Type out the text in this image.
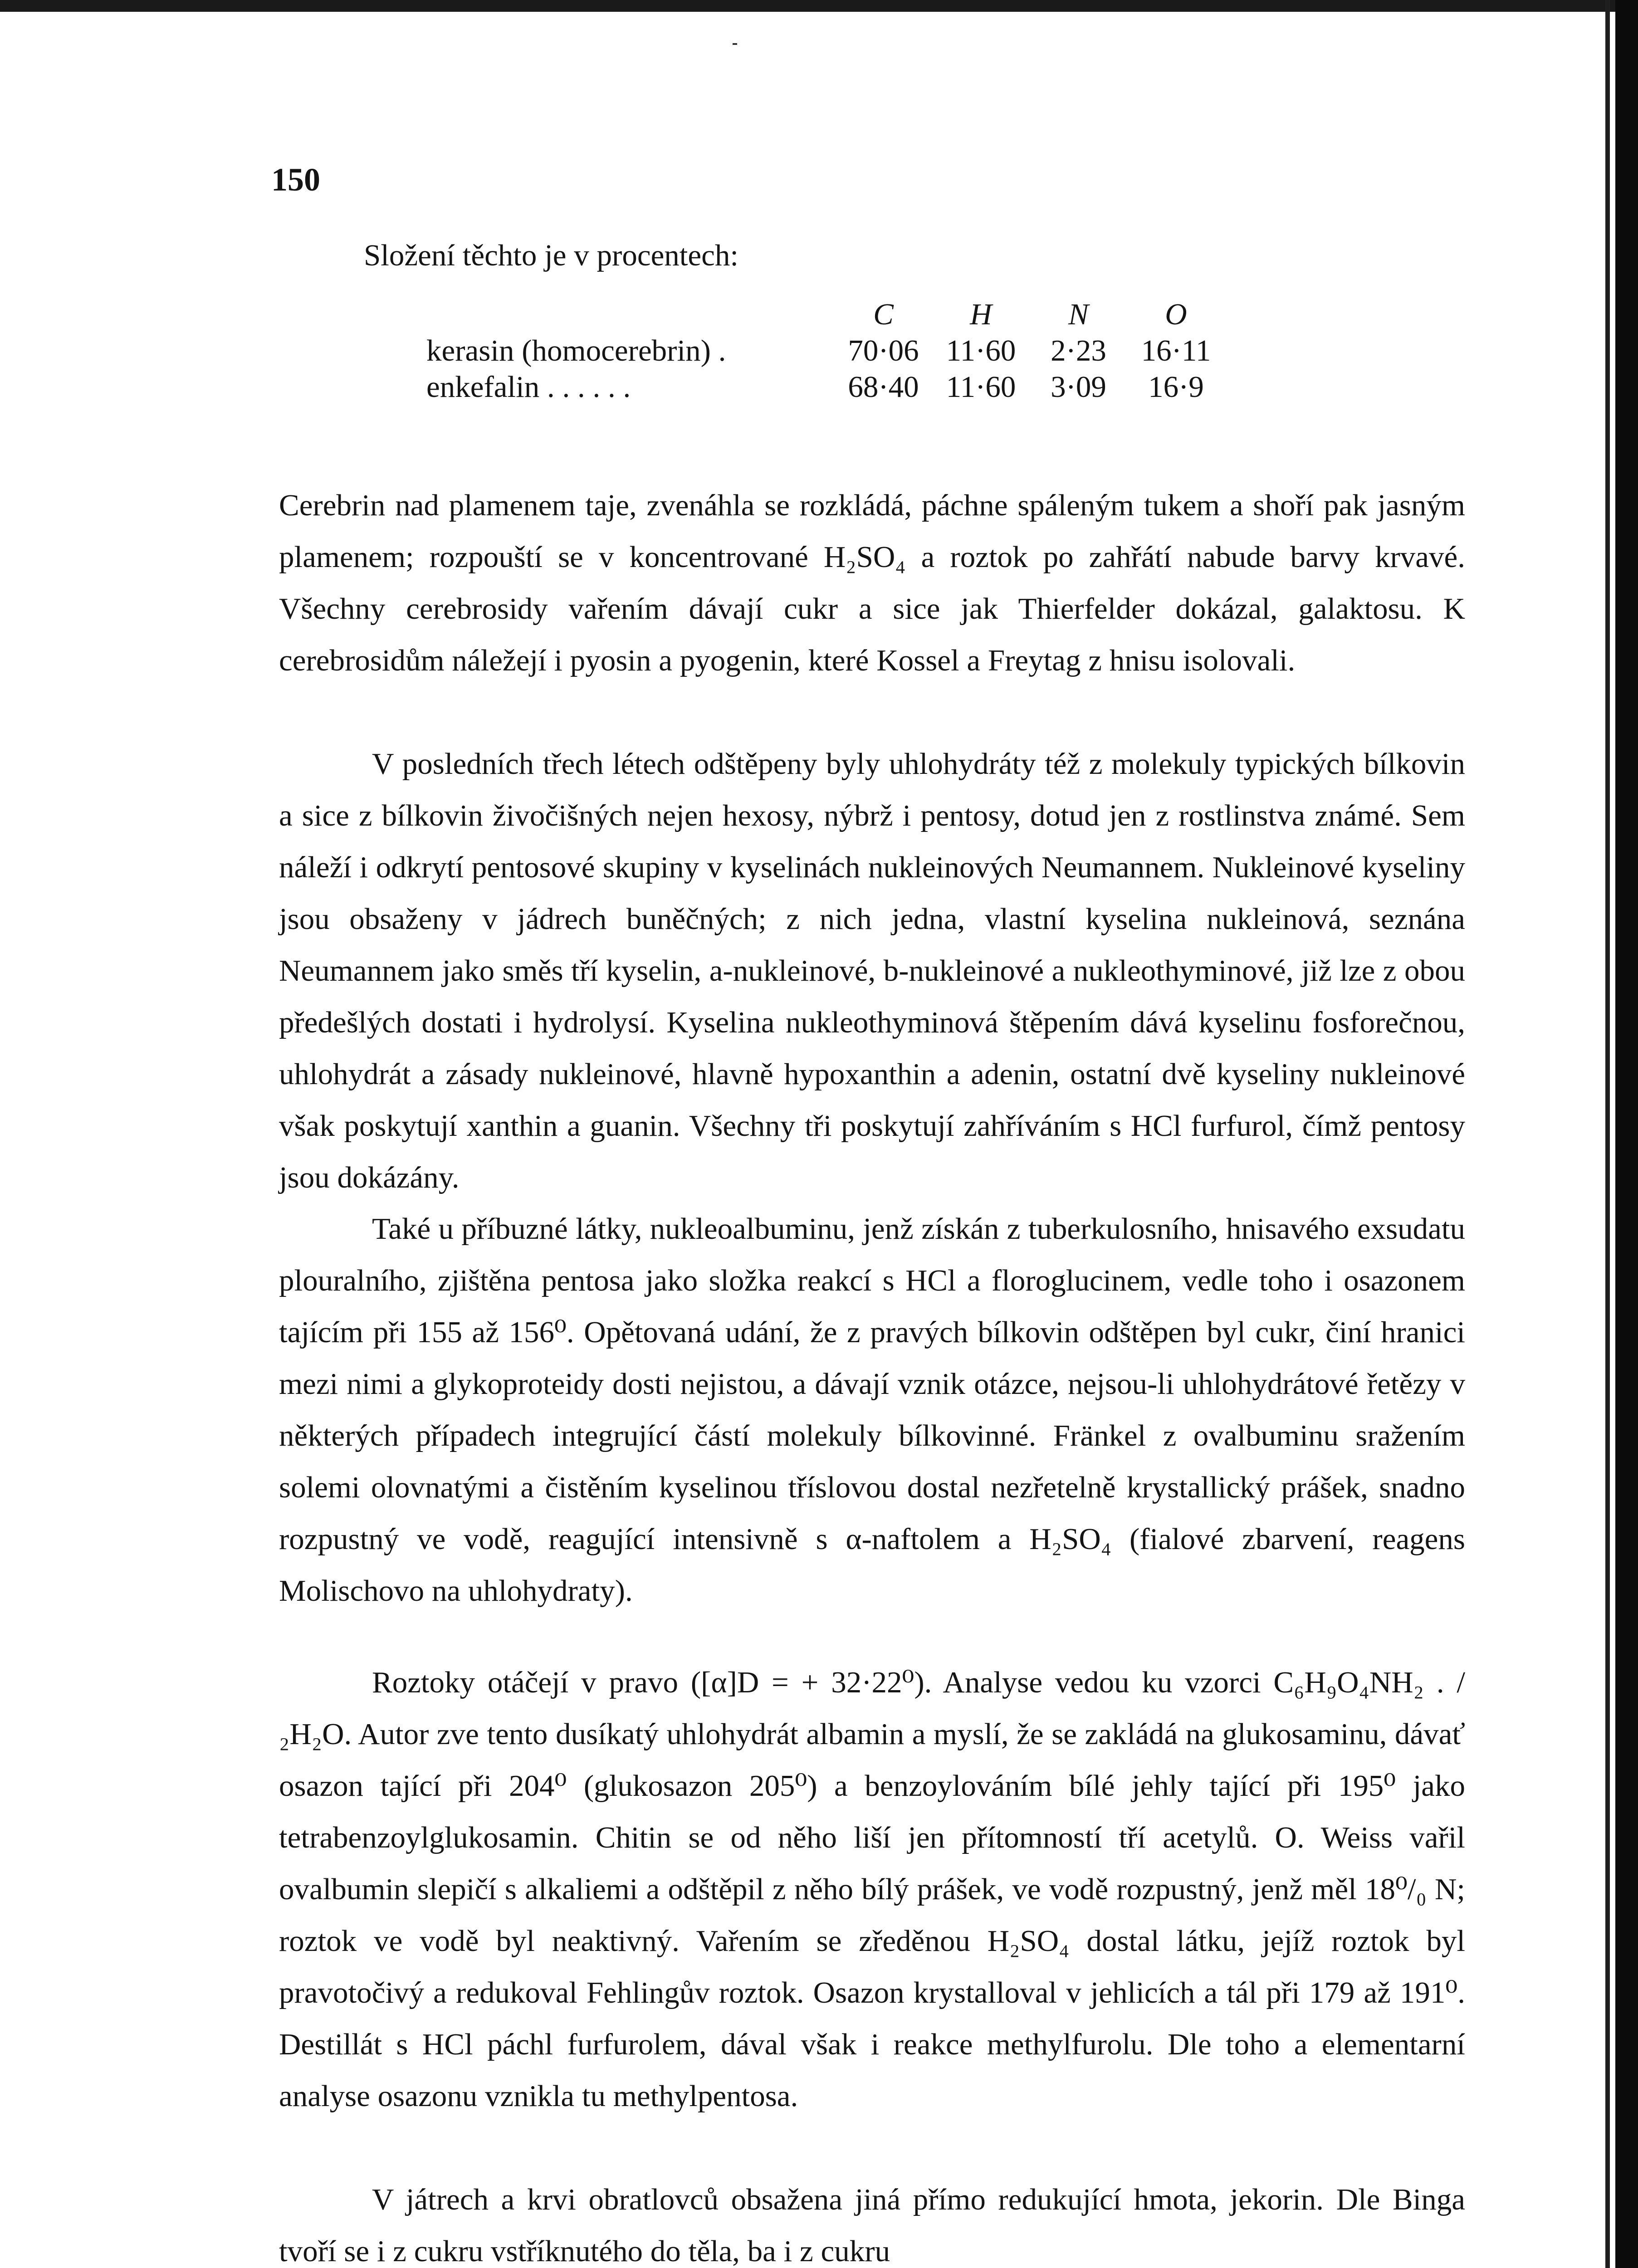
150
Složení těchto je v procentech:
	C	H	N	O
kerasin (homocerebrin) .	70·06	11·60	2·23	16·11
enkefalin . . . . . .	68·40	11·60	3·09	16·9

Cerebrin nad plamenem taje, zvenáhla se rozkládá, páchne spáleným tukem a shoří pak jasným plamenem; rozpouští se v koncentrované H₂SO₄ a roztok po zahřátí nabude barvy krvavé. Všechny cerebrosidy vařením dávají cukr a sice jak Thierfelder dokázal, galaktosu. K cerebrosidům náležejí i pyosin a pyogenin, které Kossel a Freytag z hnisu isolovali.

V posledních třech létech odštěpeny byly uhlohydráty též z molekuly typických bílkovin a sice z bílkovin živočišných nejen hexosy, nýbrž i pentosy, dotud jen z rostlinstva známé. Sem náleží i odkrytí pentosové skupiny v kyselinách nukleinových Neumannem. Nukleinové kyseliny jsou obsaženy v jádrech buněčných; z nich jedna, vlastní kyselina nukleinová, seznána Neumannem jako směs tří kyselin, a-nukleinové, b-nukleinové a nukleothyminové, již lze z obou předešlých dostati i hydrolysí. Kyselina nukleothyminová štěpením dává kyselinu fosforečnou, uhlohydrát a zásady nukleinové, hlavně hypoxanthin a adenin, ostatní dvě kyseliny nukleinové však poskytují xanthin a guanin. Všechny tři poskytují zahříváním s HCl furfurol, čímž pentosy jsou dokázány.

Také u příbuzné látky, nukleoalbuminu, jenž získán z tuberkulosního, hnisavého exsudatu plouralního, zjištěna pentosa jako složka reakcí s HCl a floroglucinem, vedle toho i osazonem tajícím při 155 až 156⁰. Opětovaná udání, že z pravých bílkovin odštěpen byl cukr, činí hranici mezi nimi a glykoproteidy dosti nejistou, a dávají vznik otázce, nejsou-li uhlohydrátové řetězy v některých případech integrující částí molekuly bílkovinné. Fränkel z ovalbuminu sražením solemi olovnatými a čistěním kyselinou tříslovou dostal nezřetelně krystallický prášek, snadno rozpustný ve vodě, reagující intensivně s α-naftolem a H₂SO₄ (fialové zbarvení, reagens Molischovo na uhlohydraty).

Roztoky otáčejí v pravo ([α]D = + 32·22⁰). Analyse vedou ku vzorci C₆H₉O₄NH₂ . /₂H₂O. Autor zve tento dusíkatý uhlohydrát albamin a myslí, že se zakládá na glukosaminu, dávať osazon tající při 204⁰ (glukosazon 205⁰) a benzoylováním bílé jehly tající při 195⁰ jako tetrabenzoylglukosamin. Chitin se od něho liší jen přítomností tří acetylů. O. Weiss vařil ovalbumin slepičí s alkaliemi a odštěpil z něho bílý prášek, ve vodě rozpustný, jenž měl 18⁰/₀ N; roztok ve vodě byl neaktivný. Vařením se zředěnou H₂SO₄ dostal látku, jejíž roztok byl pravotočivý a redukoval Fehlingův roztok. Osazon krystalloval v jehlicích a tál při 179 až 191⁰. Destillát s HCl páchl furfurolem, dával však i reakce methylfurolu. Dle toho a elementarní analyse osazonu vznikla tu methylpentosa.

V játrech a krvi obratlovců obsažena jiná přímo redukující hmota, jekorin. Dle Binga tvoří se i z cukru vstříknutého do těla, ba i z cukru
